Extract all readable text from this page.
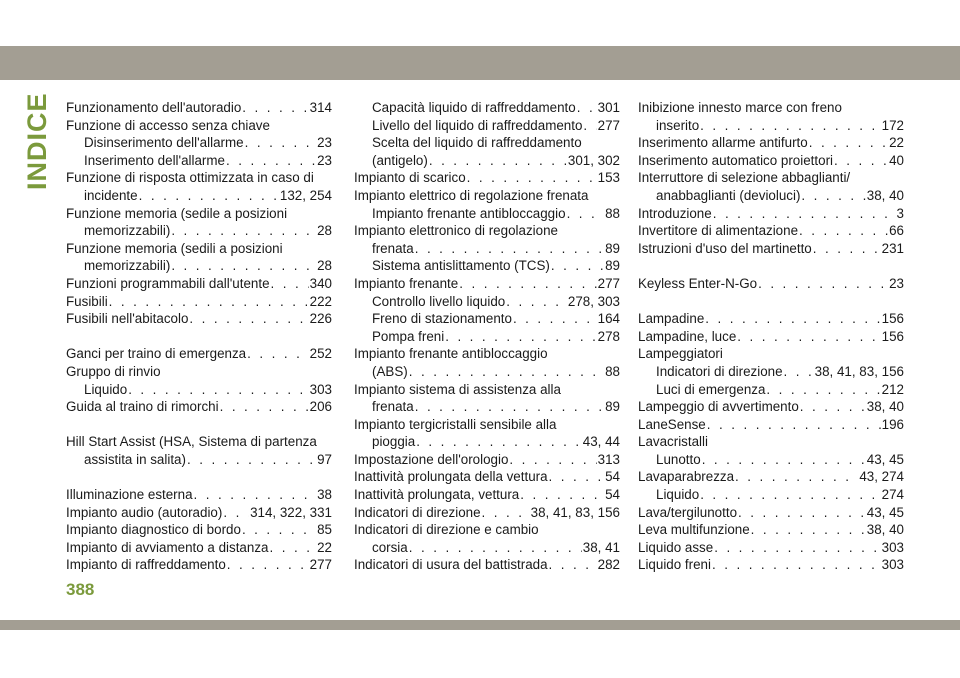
INDICE Funzionamento dell'autoradio . . .	314
Funzione di accesso senza chiave
Disinserimento dell'allarme . . .	23
Inserimento dell'allarme . . .	23
Funzione di risposta ottimizzata in caso di
incidente . . .	132, 254
Funzione memoria (sedile a posizioni
memorizzabili) . . .	28
Funzione memoria (sedili a posizioni
memorizzabili) . . .	28
Funzioni programmabili dall'utente . . .	340
Fusibili . . .	222
Fusibili nell'abitacolo . . .	226
Ganci per traino di emergenza . . .	252
Gruppo di rinvio
Liquido . . .	303
Guida al traino di rimorchi . . .	206
Hill Start Assist (HSA, Sistema di partenza
assistita in salita) . . .	97
Illuminazione esterna . . .	38
Impianto audio (autoradio) . . . 314, 322, 331
Impianto diagnostico di bordo . . .	85
Impianto di avviamento a distanza . . .	22
Impianto di raffreddamento . . .	277
Capacità liquido di raffreddamento . . . 301
Livello del liquido di raffreddamento . . . 277
Scelta del liquido di raffreddamento
(antigelo) . . .	301, 302
Impianto di scarico . . .	153
Impianto elettrico di regolazione frenata
Impianto frenante antibloccaggio . . .	88
Impianto elettronico di regolazione
frenata . . .	89
Sistema antislittamento (TCS) . . .	89
Impianto frenante . . .	277
Controllo livello liquido . . .	278, 303
Freno di stazionamento . . .	164
Pompa freni . . .	278
Impianto frenante antibloccaggio
(ABS) . . .	88
Impianto sistema di assistenza alla
frenata . . .	89
Impianto tergicristalli sensibile alla
pioggia . . .	43, 44
Impostazione dell'orologio . . .	313
Inattività prolungata della vettura . . .	54
Inattività prolungata, vettura . . .	54
Indicatori di direzione . . .	38, 41, 83, 156
Indicatori di direzione e cambio
corsia . . .	38, 41
Indicatori di usura del battistrada . . .	282
Inibizione innesto marce con freno
inserito . . .	172
Inserimento allarme antifurto . . .	22
Inserimento automatico proiettori . . .	40
Interruttore di selezione abbaglianti/
anabbaglianti (devioluci) . . .	38, 40
Introduzione . . .	3
Invertitore di alimentazione . . .	66
Istruzioni d'uso del martinetto . . .	231
Keyless Enter-N-Go . . .	23
Lampadine . . .	156
Lampadine, luce . . .	156
Lampeggiatori
Indicatori di direzione . . . 38, 41, 83, 156
Luci di emergenza . . .	212
Lampeggio di avvertimento . . .	38, 40
LaneSense . . .	196
Lavacristalli
Lunotto . . .	43, 45
Lavaparabrezza . . .	43, 274
Liquido . . .	274
Lava/tergilunotto . . .	43, 45
Leva multifunzione . . .	38, 40
Liquido asse . . .	303
Liquido freni . . .	303
388
